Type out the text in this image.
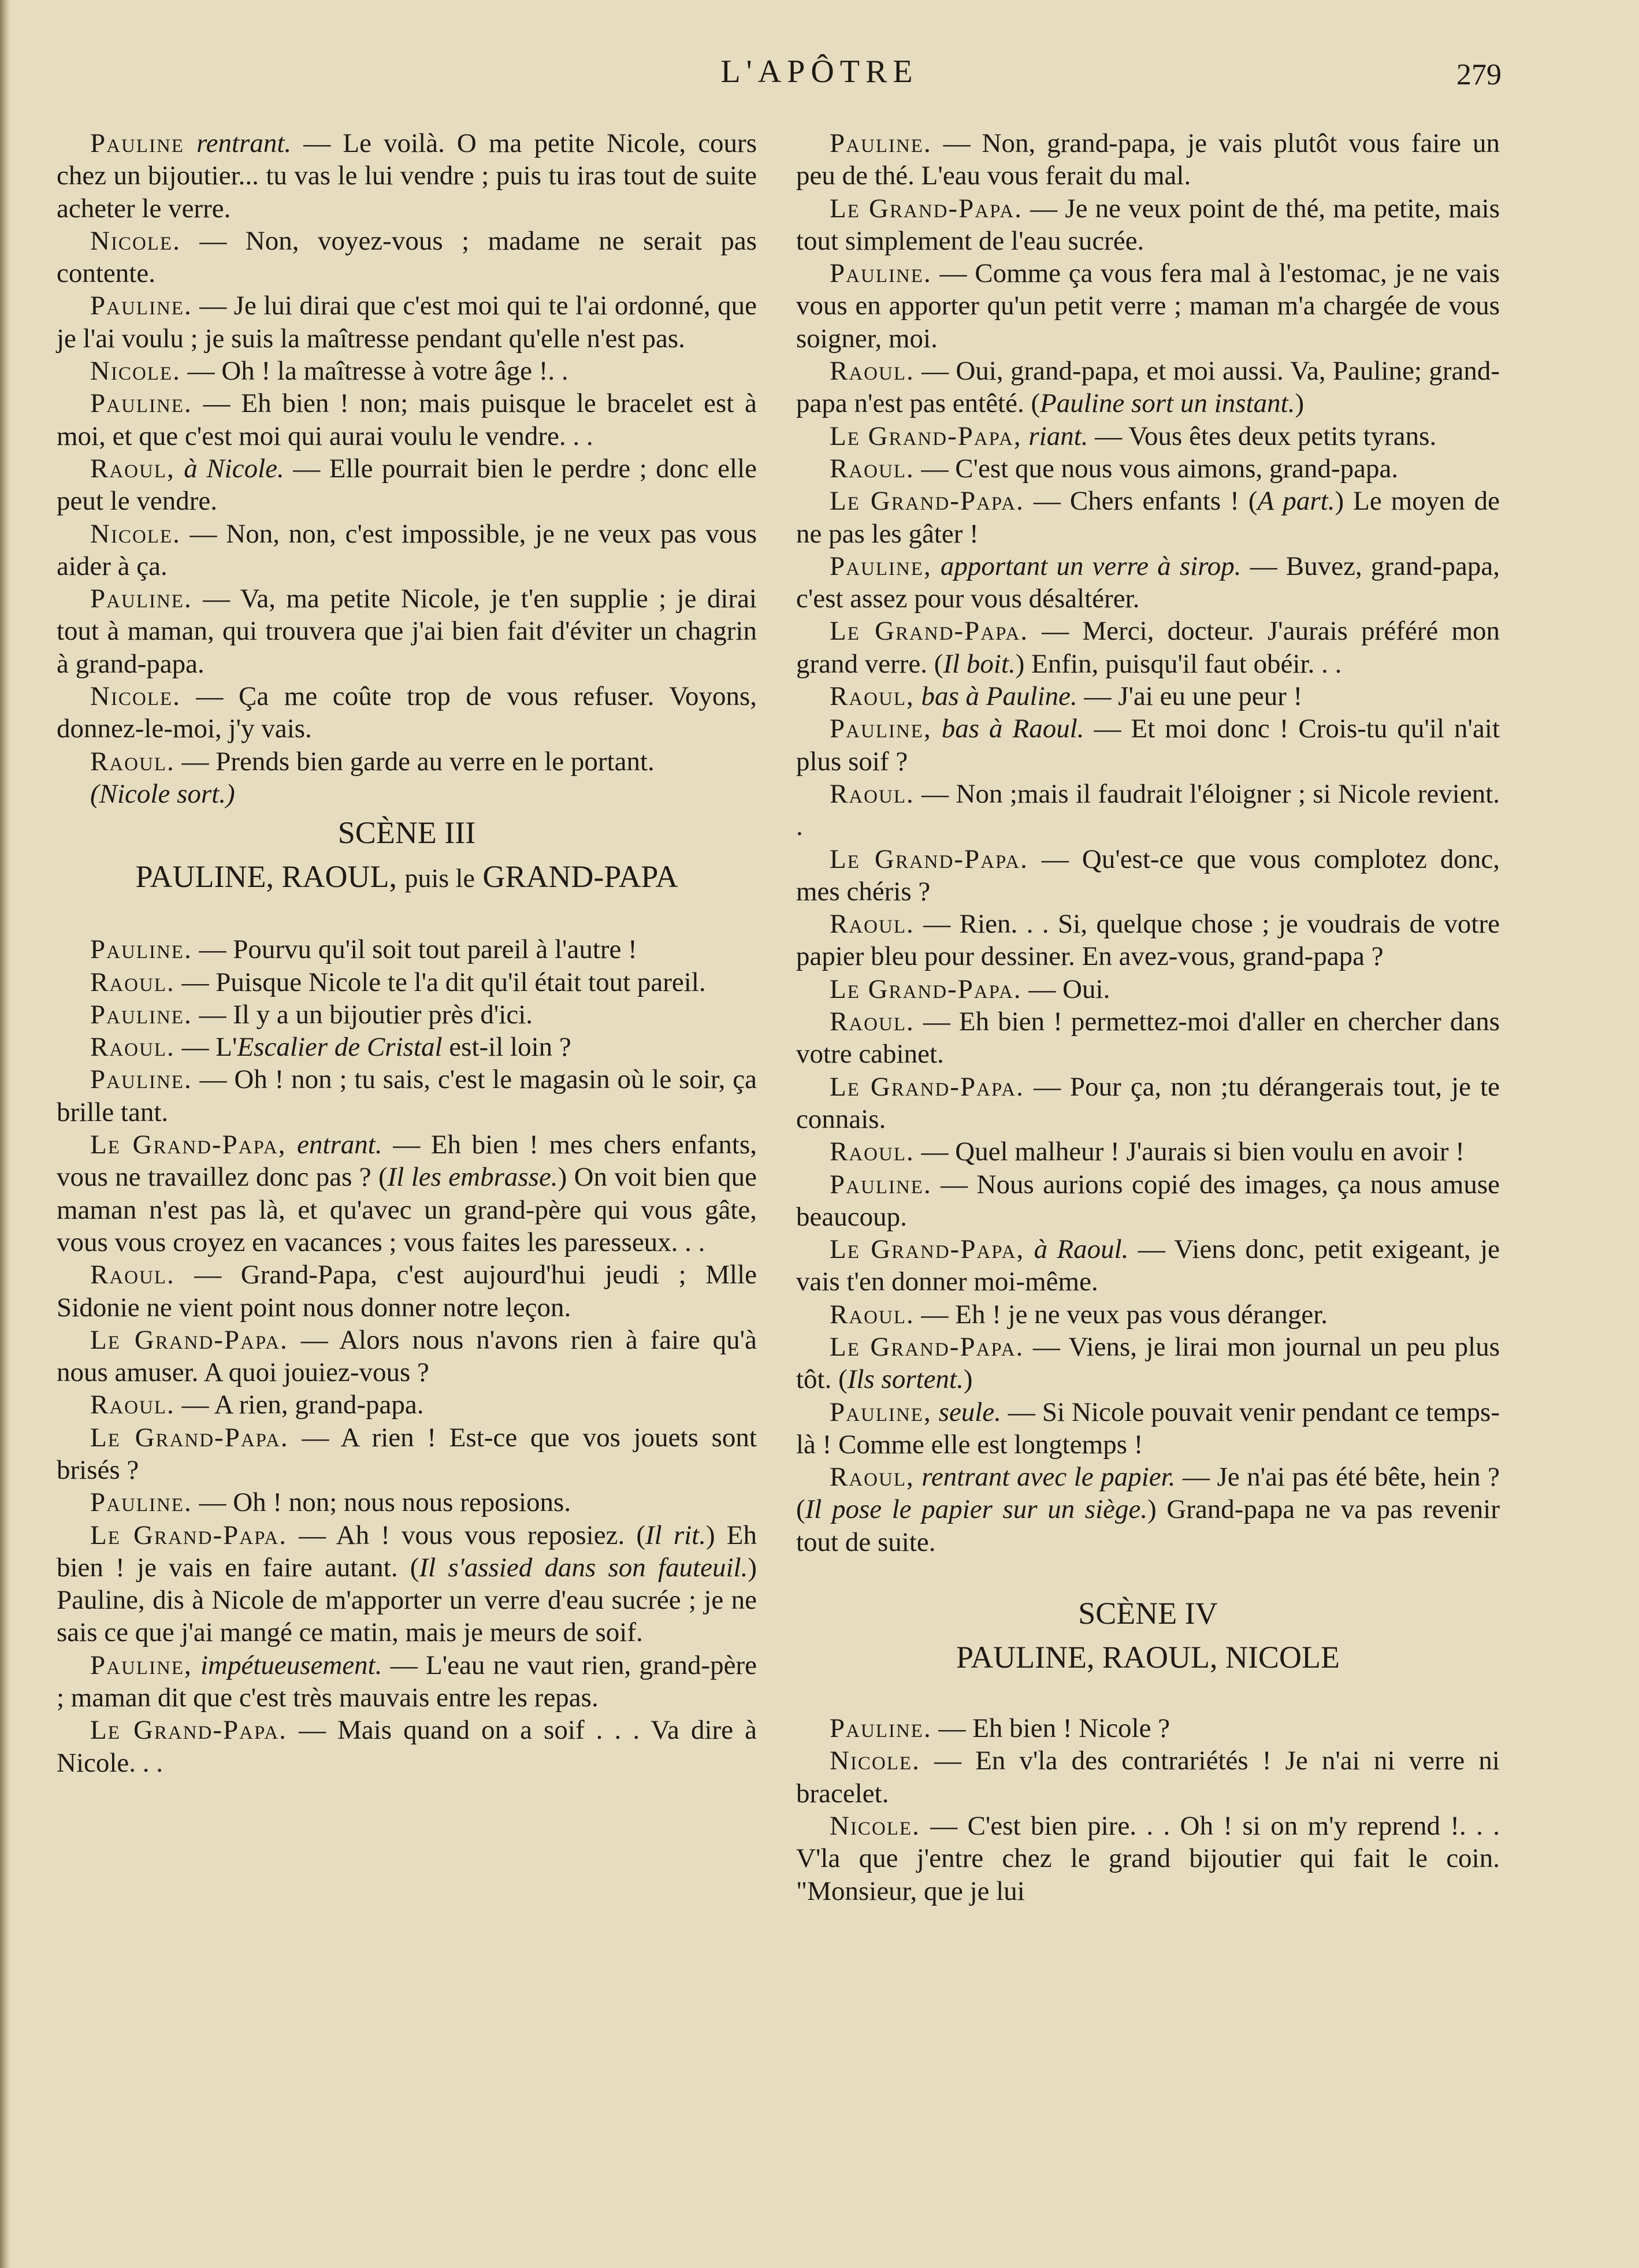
L'APÔTRE	279

Pauline rentrant. — Le voilà. O ma petite Nicole, cours chez un bijoutier... tu vas le lui vendre ; puis tu iras tout de suite acheter le verre.

Nicole. — Non, voyez-vous ; madame ne serait pas contente.

Pauline. — Je lui dirai que c'est moi qui te l'ai ordonné, que je l'ai voulu ; je suis la maîtresse pendant qu'elle n'est pas.

Nicole. — Oh ! la maîtresse à votre âge !. .

Pauline. — Eh bien ! non; mais puisque le bracelet est à moi, et que c'est moi qui aurai voulu le vendre. . .

Raoul, à Nicole. — Elle pourrait bien le perdre ; donc elle peut le vendre.

Nicole. — Non, non, c'est impossible, je ne veux pas vous aider à ça.

Pauline. — Va, ma petite Nicole, je t'en supplie ; je dirai tout à maman, qui trouvera que j'ai bien fait d'éviter un chagrin à grand-papa.

Nicole. — Ça me coûte trop de vous refuser. Voyons, donnez-le-moi, j'y vais.

Raoul. — Prends bien garde au verre en le portant.

(Nicole sort.)

SCÈNE III
PAULINE, RAOUL, puis le GRAND-PAPA

Pauline. — Pourvu qu'il soit tout pareil à l'autre !

Raoul. — Puisque Nicole te l'a dit qu'il était tout pareil.

Pauline. — Il y a un bijoutier près d'ici.

Raoul. — L'Escalier de Cristal est-il loin ?

Pauline. — Oh ! non ; tu sais, c'est le magasin où le soir, ça brille tant.

Le Grand-Papa, entrant. — Eh bien ! mes chers enfants, vous ne travaillez donc pas ? (Il les embrasse.) On voit bien que maman n'est pas là, et qu'avec un grand-père qui vous gâte, vous vous croyez en vacances ; vous faites les paresseux. . .

Raoul. — Grand-Papa, c'est aujourd'hui jeudi ; Mlle Sidonie ne vient point nous donner notre leçon.

Le Grand-Papa. — Alors nous n'avons rien à faire qu'à nous amuser. A quoi jouiez-vous ?

Raoul. — A rien, grand-papa.

Le Grand-Papa. — A rien ! Est-ce que vos jouets sont brisés ?

Pauline. — Oh ! non; nous nous reposions.

Le Grand-Papa. — Ah ! vous vous reposiez. (Il rit.) Eh bien ! je vais en faire autant. (Il s'assied dans son fauteuil.) Pauline, dis à Nicole de m'apporter un verre d'eau sucrée ; je ne sais ce que j'ai mangé ce matin, mais je meurs de soif.

Pauline, impétueusement. — L'eau ne vaut rien, grand-père ; maman dit que c'est très mauvais entre les repas.

Le Grand-Papa. — Mais quand on a soif . . . Va dire à Nicole. . .

Pauline. — Non, grand-papa, je vais plutôt vous faire un peu de thé. L'eau vous ferait du mal.

Le Grand-Papa. — Je ne veux point de thé, ma petite, mais tout simplement de l'eau sucrée.

Pauline. — Comme ça vous fera mal à l'estomac, je ne vais vous en apporter qu'un petit verre ; maman m'a chargée de vous soigner, moi.

Raoul. — Oui, grand-papa, et moi aussi. Va, Pauline; grand-papa n'est pas entêté. (Pauline sort un instant.)

Le Grand-Papa, riant. — Vous êtes deux petits tyrans.

Raoul. — C'est que nous vous aimons, grand-papa.

Le Grand-Papa. — Chers enfants ! (A part.) Le moyen de ne pas les gâter !

Pauline, apportant un verre à sirop. — Buvez, grand-papa, c'est assez pour vous désaltérer.

Le Grand-Papa. — Merci, docteur. J'aurais préféré mon grand verre. (Il boit.) Enfin, puisqu'il faut obéir. . .

Raoul, bas à Pauline. — J'ai eu une peur !

Pauline, bas à Raoul. — Et moi donc ! Crois-tu qu'il n'ait plus soif ?

Raoul. — Non ;mais il faudrait l'éloigner ; si Nicole revient. .

Le Grand-Papa. — Qu'est-ce que vous complotez donc, mes chéris ?

Raoul. — Rien. . . Si, quelque chose ; je voudrais de votre papier bleu pour dessiner. En avez-vous, grand-papa ?

Le Grand-Papa. — Oui.

Raoul. — Eh bien ! permettez-moi d'aller en chercher dans votre cabinet.

Le Grand-Papa. — Pour ça, non ;tu dérangerais tout, je te connais.

Raoul. — Quel malheur ! J'aurais si bien voulu en avoir !

Pauline. — Nous aurions copié des images, ça nous amuse beaucoup.

Le Grand-Papa, à Raoul. — Viens donc, petit exigeant, je vais t'en donner moi-même.

Raoul. — Eh ! je ne veux pas vous déranger.

Le Grand-Papa. — Viens, je lirai mon journal un peu plus tôt. (Ils sortent.)

Pauline, seule. — Si Nicole pouvait venir pendant ce temps-là ! Comme elle est longtemps !

Raoul, rentrant avec le papier. — Je n'ai pas été bête, hein ? (Il pose le papier sur un siège.) Grand-papa ne va pas revenir tout de suite.

SCÈNE IV
PAULINE, RAOUL, NICOLE

Pauline. — Eh bien ! Nicole ?

Nicole. — En v'la des contrariétés ! Je n'ai ni verre ni bracelet.

Nicole. — C'est bien pire. . . Oh ! si on m'y reprend !. . . V'la que j'entre chez le grand bijoutier qui fait le coin. "Monsieur, que je lui
